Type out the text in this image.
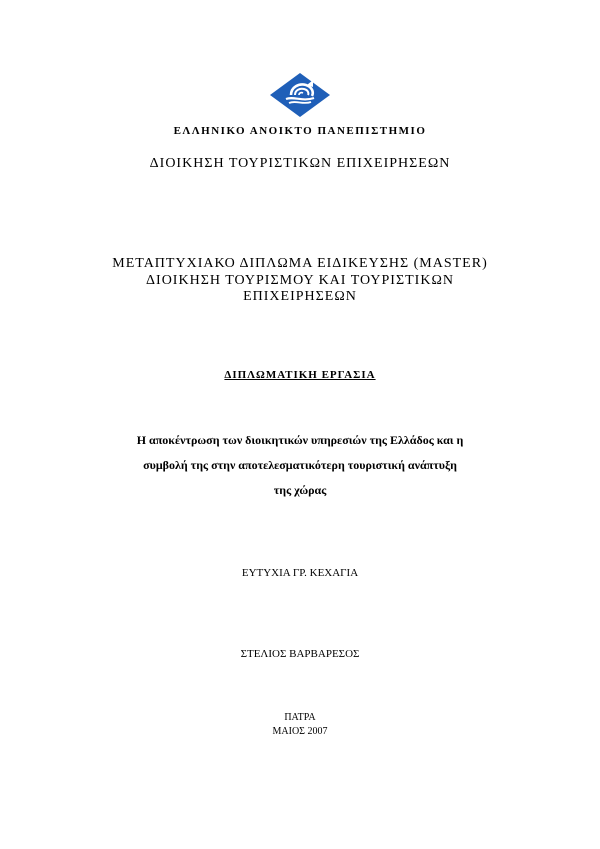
ΕΛΛΗΝΙΚΟ ΑΝΟΙΚΤΟ ΠΑΝΕΠΙΣΤΗΜΙΟ
ΔΙΟΙΚΗΣΗ ΤΟΥΡΙΣΤΙΚΩΝ ΕΠΙΧΕΙΡΗΣΕΩΝ
ΜΕΤΑΠΤΥΧΙΑΚΟ ΔΙΠΛΩΜΑ ΕΙΔΙΚΕΥΣΗΣ (MASTER)
ΔΙΟΙΚΗΣΗ ΤΟΥΡΙΣΜΟΥ ΚΑΙ ΤΟΥΡΙΣΤΙΚΩΝ
ΕΠΙΧΕΙΡΗΣΕΩΝ
ΔΙΠΛΩΜΑΤΙΚΗ ΕΡΓΑΣΙΑ
Η αποκέντρωση των διοικητικών υπηρεσιών της Ελλάδος και η
συμβολή της στην αποτελεσματικότερη τουριστική ανάπτυξη
της χώρας
ΕΥΤΥΧΙΑ ΓΡ. ΚΕΧΑΓΙΑ
ΣΤΕΛΙΟΣ ΒΑΡΒΑΡΕΣΟΣ
ΠΑΤΡΑ
ΜΑΙΟΣ 2007
